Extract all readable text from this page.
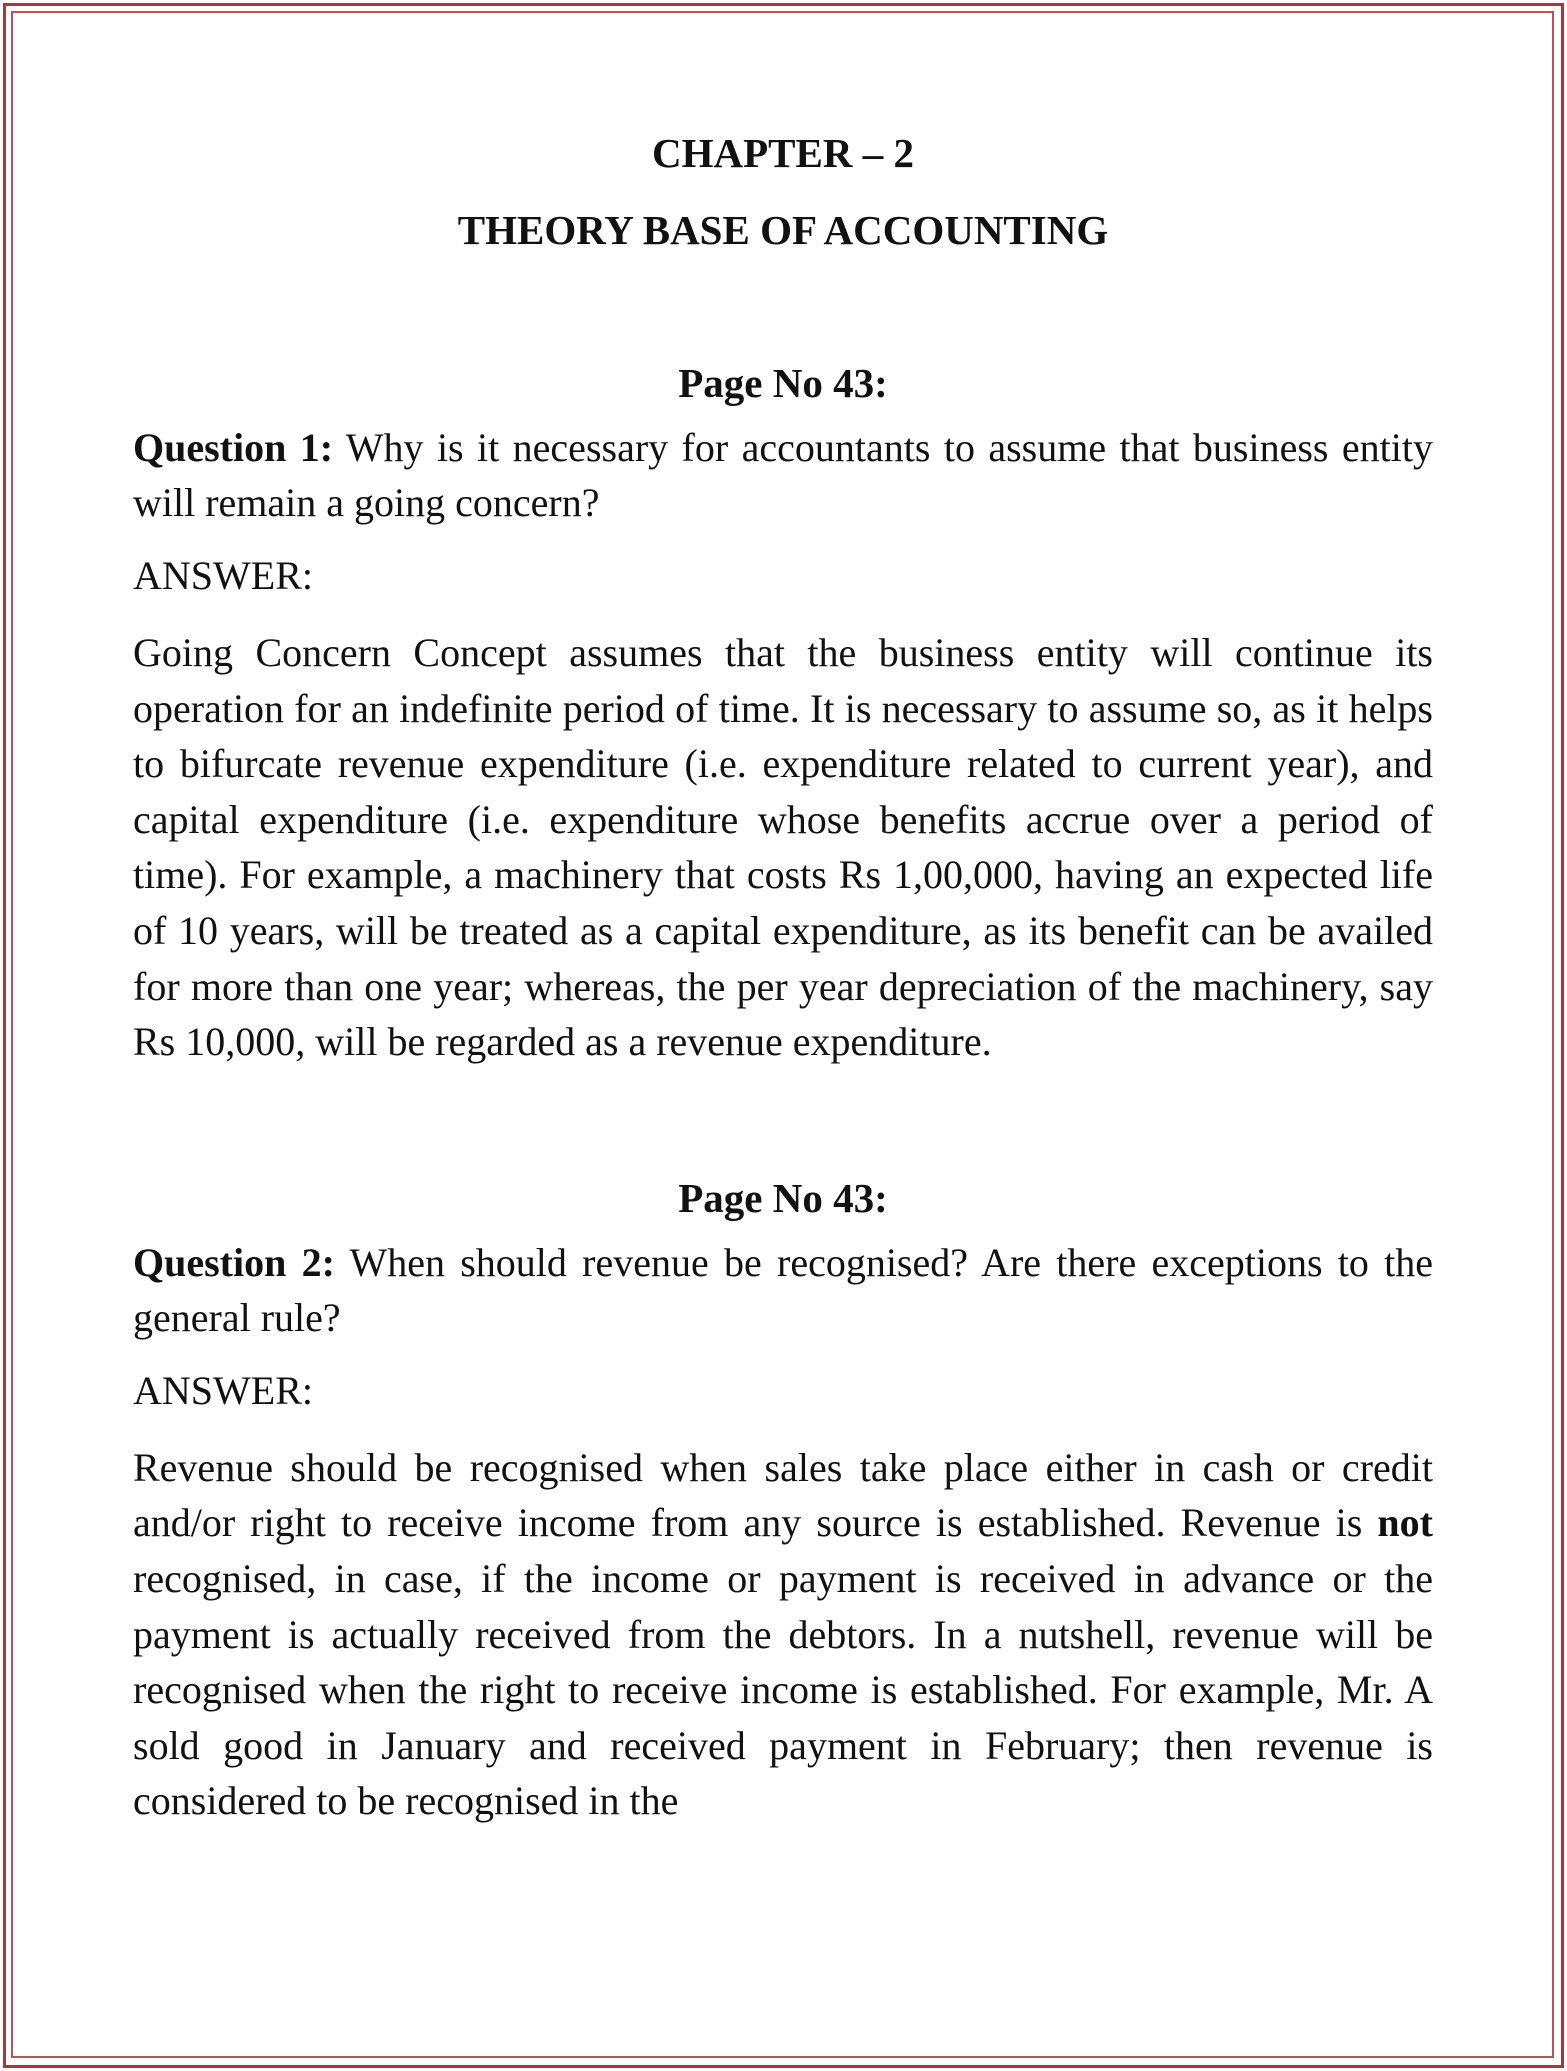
CHAPTER – 2
THEORY BASE OF ACCOUNTING

Page No 43:

Question 1: Why is it necessary for accountants to assume that business entity will remain a going concern?

ANSWER:

Going Concern Concept assumes that the business entity will continue its operation for an indefinite period of time. It is necessary to assume so, as it helps to bifurcate revenue expenditure (i.e. expenditure related to current year), and capital expenditure (i.e. expenditure whose benefits accrue over a period of time). For example, a machinery that costs Rs 1,00,000, having an expected life of 10 years, will be treated as a capital expenditure, as its benefit can be availed for more than one year; whereas, the per year depreciation of the machinery, say Rs 10,000, will be regarded as a revenue expenditure.

Page No 43:

Question 2: When should revenue be recognised? Are there exceptions to the general rule?

ANSWER:

Revenue should be recognised when sales take place either in cash or credit and/or right to receive income from any source is established. Revenue is not recognised, in case, if the income or payment is received in advance or the payment is actually received from the debtors. In a nutshell, revenue will be recognised when the right to receive income is established. For example, Mr. A sold good in January and received payment in February; then revenue is considered to be recognised in the
